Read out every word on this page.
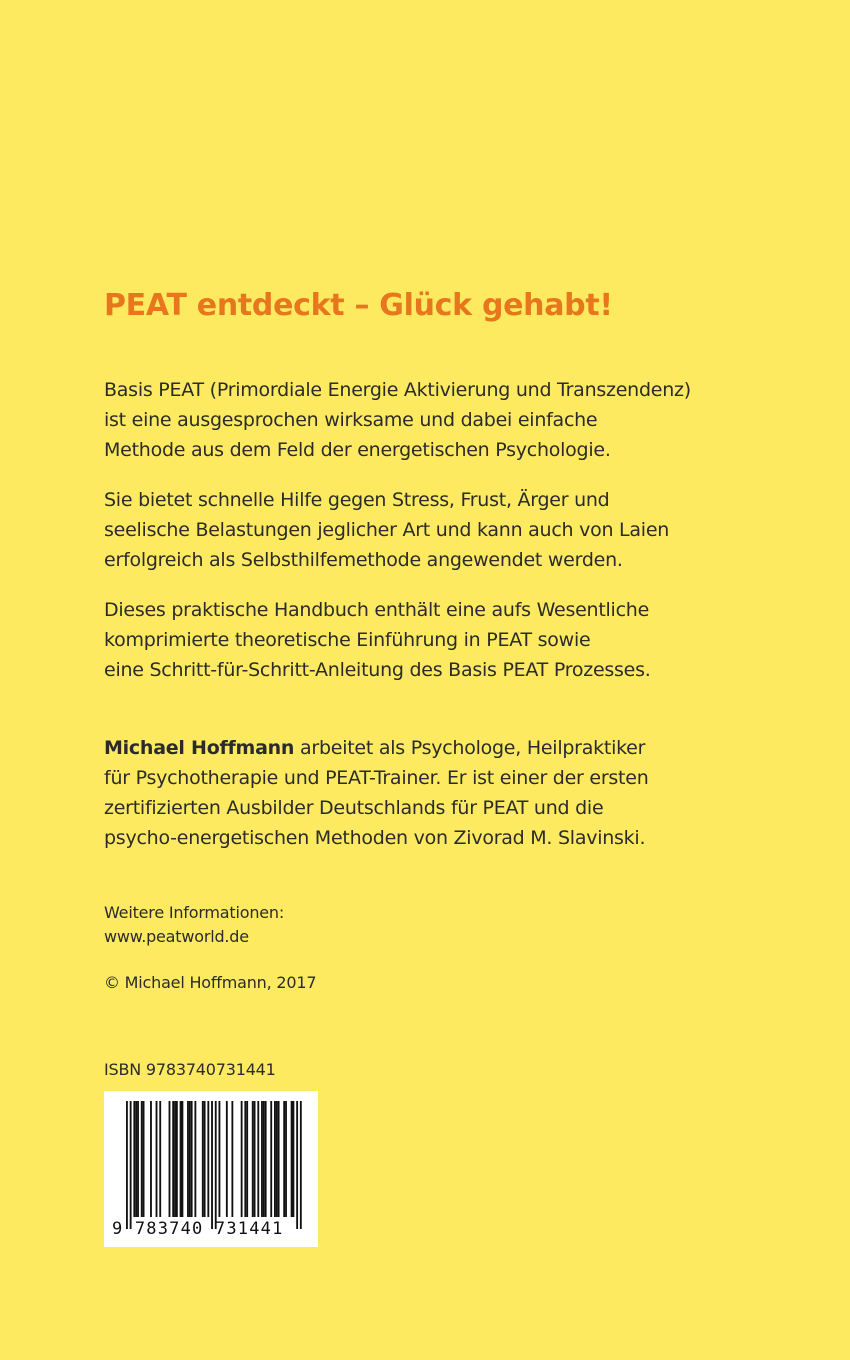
PEAT entdeckt – Glück gehabt!

Basis PEAT (Primordiale Energie Aktivierung und Transzendenz)
ist eine ausgesprochen wirksame und dabei einfache
Methode aus dem Feld der energetischen Psychologie.

Sie bietet schnelle Hilfe gegen Stress, Frust, Ärger und
seelische Belastungen jeglicher Art und kann auch von Laien
erfolgreich als Selbsthilfemethode angewendet werden.

Dieses praktische Handbuch enthält eine aufs Wesentliche
komprimierte theoretische Einführung in PEAT sowie
eine Schritt-für-Schritt-Anleitung des Basis PEAT Prozesses.

Michael Hoffmann arbeitet als Psychologe, Heilpraktiker
für Psychotherapie und PEAT-Trainer. Er ist einer der ersten
zertifizierten Ausbilder Deutschlands für PEAT und die
psycho-energetischen Methoden von Zivorad M. Slavinski.

Weitere Informationen:
www.peatworld.de

© Michael Hoffmann, 2017

ISBN 9783740731441

9 783740 731441
